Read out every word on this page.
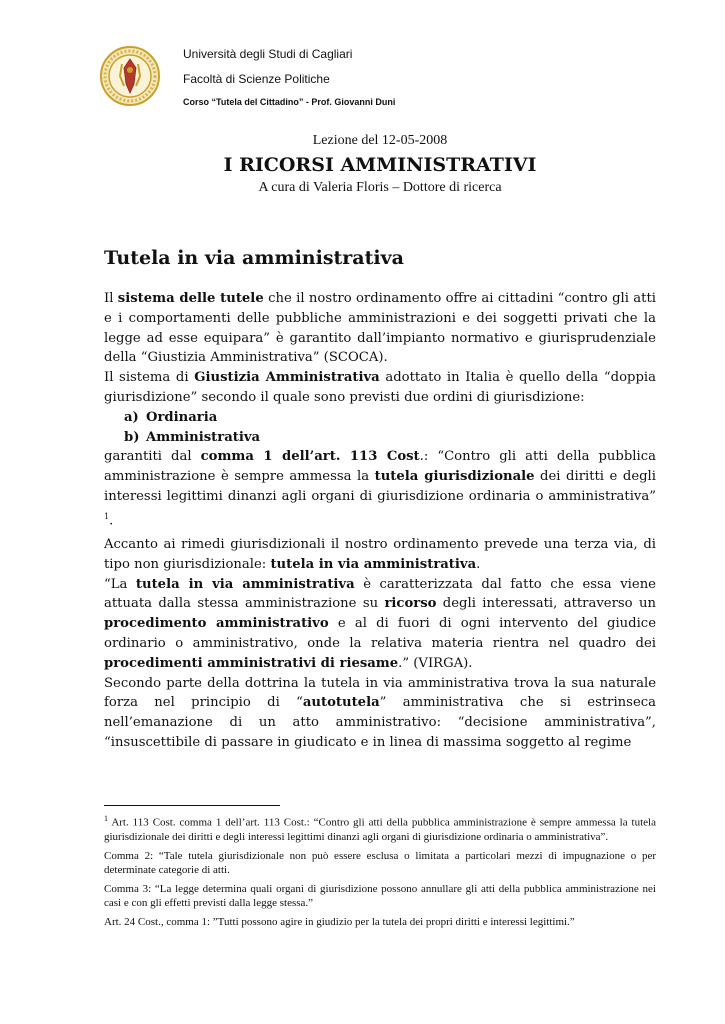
Università degli Studi di Cagliari
Facoltà di Scienze Politiche
Corso “Tutela del Cittadino” - Prof. Giovanni Duni
Lezione del 12-05-2008
I RICORSI AMMINISTRATIVI
A cura di Valeria Floris – Dottore di ricerca
Tutela in via amministrativa

Il sistema delle tutele che il nostro ordinamento offre ai cittadini “contro gli atti e i comportamenti delle pubbliche amministrazioni e dei soggetti privati che la legge ad esse equipara” è garantito dall’impianto normativo e giurisprudenziale della “Giustizia Amministrativa” (SCOCA).

Il sistema di Giustizia Amministrativa adottato in Italia è quello della “doppia giurisdizione” secondo il quale sono previsti due ordini di giurisdizione:

a) Ordinaria
b) Amministrativa

garantiti dal comma 1 dell’art. 113 Cost.: “Contro gli atti della pubblica amministrazione è sempre ammessa la tutela giurisdizionale dei diritti e degli interessi legittimi dinanzi agli organi di giurisdizione ordinaria o amministrativa” $^1$.

Accanto ai rimedi giurisdizionali il nostro ordinamento prevede una terza via, di tipo non giurisdizionale: tutela in via amministrativa.

“La tutela in via amministrativa è caratterizzata dal fatto che essa viene attuata dalla stessa amministrazione su ricorso degli interessati, attraverso un procedimento amministrativo e al di fuori di ogni intervento del giudice ordinario o amministrativo, onde la relativa materia rientra nel quadro dei procedimenti amministrativi di riesame.” (VIRGA).

Secondo parte della dottrina la tutela in via amministrativa trova la sua naturale forza nel principio di “autotutela” amministrativa che si estrinseca nell’emanazione di un atto amministrativo: “decisione amministrativa”, “insuscettibile di passare in giudicato e in linea di massima soggetto al regime

$^1$ Art. 113 Cost. comma 1 dell’art. 113 Cost.: “Contro gli atti della pubblica amministrazione è sempre ammessa la tutela giurisdizionale dei diritti e degli interessi legittimi dinanzi agli organi di giurisdizione ordinaria o amministrativa”.

Comma 2: “Tale tutela giurisdizionale non può essere esclusa o limitata a particolari mezzi di impugnazione o per determinate categorie di atti.

Comma 3: “La legge determina quali organi di giurisdizione possono annullare gli atti della pubblica amministrazione nei casi e con gli effetti previsti dalla legge stessa.”

Art. 24 Cost., comma 1: ”Tutti possono agire in giudizio per la tutela dei propri diritti e interessi legittimi.”
